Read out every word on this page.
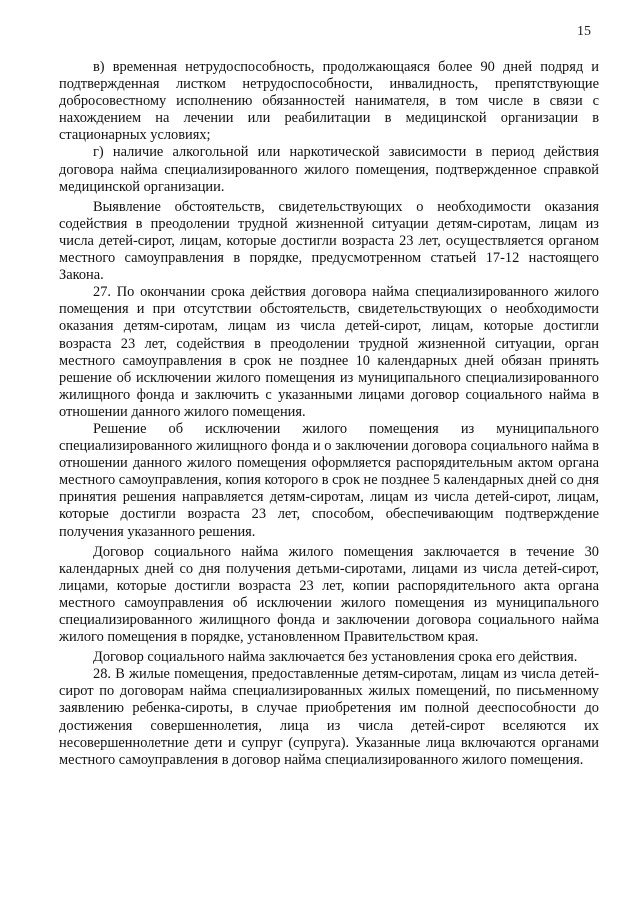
15

в) временная нетрудоспособность, продолжающаяся более 90 дней подряд и подтвержденная листком нетрудоспособности, инвалидность, препятствующие добросовестному исполнению обязанностей нанимателя, в том числе в связи с нахождением на лечении или реабилитации в медицинской организации в стационарных условиях;

г) наличие алкогольной или наркотической зависимости в период действия договора найма специализированного жилого помещения, подтвержденное справкой медицинской организации.

Выявление обстоятельств, свидетельствующих о необходимости оказания содействия в преодолении трудной жизненной ситуации детям-сиротам, лицам из числа детей-сирот, лицам, которые достигли возраста 23 лет, осуществляется органом местного самоуправления в порядке, предусмотренном статьей 17-12 настоящего Закона.

27. По окончании срока действия договора найма специализированного жилого помещения и при отсутствии обстоятельств, свидетельствующих о необходимости оказания детям-сиротам, лицам из числа детей-сирот, лицам, которые достигли возраста 23 лет, содействия в преодолении трудной жизненной ситуации, орган местного самоуправления в срок не позднее 10 календарных дней обязан принять решение об исключении жилого помещения из муниципального специализированного жилищного фонда и заключить с указанными лицами договор социального найма в отношении данного жилого помещения.

Решение об исключении жилого помещения из муниципального специализированного жилищного фонда и о заключении договора социального найма в отношении данного жилого помещения оформляется распорядительным актом органа местного самоуправления, копия которого в срок не позднее 5 календарных дней со дня принятия решения направляется детям-сиротам, лицам из числа детей-сирот, лицам, которые достигли возраста 23 лет, способом, обеспечивающим подтверждение получения указанного решения.

Договор социального найма жилого помещения заключается в течение 30 календарных дней со дня получения детьми-сиротами, лицами из числа детей-сирот, лицами, которые достигли возраста 23 лет, копии распорядительного акта органа местного самоуправления об исключении жилого помещения из муниципального специализированного жилищного фонда и заключении договора социального найма жилого помещения в порядке, установленном Правительством края.

Договор социального найма заключается без установления срока его действия.

28. В жилые помещения, предоставленные детям-сиротам, лицам из числа детей-сирот по договорам найма специализированных жилых помещений, по письменному заявлению ребенка-сироты, в случае приобретения им полной дееспособности до достижения совершеннолетия, лица из числа детей-сирот вселяются их несовершеннолетние дети и супруг (супруга). Указанные лица включаются органами местного самоуправления в договор найма специализированного жилого помещения.
